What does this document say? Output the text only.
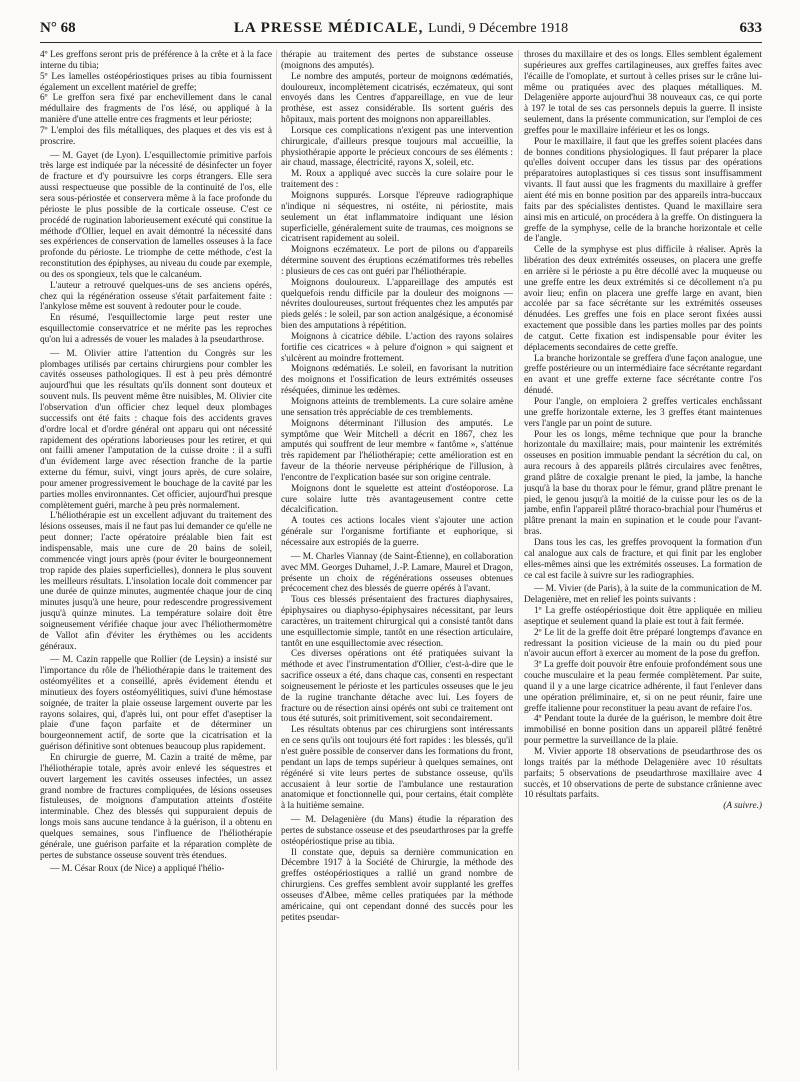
N° 68	LA PRESSE MÉDICALE, Lundi, 9 Décembre 1918	633

4º Les greffons seront pris de préférence à la crête et à la face interne du tibia;

5º Les lamelles ostéopériostiques prises au tibia fournissent également un excellent matériel de greffe;

6º Le greffon sera fixé par enchevillement dans le canal médullaire des fragments de l'os lésé, ou appliqué à la manière d'une attelle entre ces fragments et leur périoste;

7º L'emploi des fils métalliques, des plaques et des vis est à proscrire.

— M. Gayet (de Lyon). L'esquillectomie primitive parfois très large est indiquée par la nécessité de désinfecter un foyer de fracture et d'y poursuivre les corps étrangers. Elle sera aussi respectueuse que possible de la continuité de l'os, elle sera sous-périostée et conservera même à la face profonde du périoste le plus possible de la corticale osseuse. C'est ce procédé de rugination laborieusement exécuté qui constitue la méthode d'Ollier, lequel en avait démontré la nécessité dans ses expériences de conservation de lamelles osseuses à la face profonde du périoste. Le triomphe de cette méthode, c'est la reconstitution des épiphyses, au niveau du coude par exemple, ou des os spongieux, tels que le calcanéum.

L'auteur a retrouvé quelques-uns de ses anciens opérés, chez qui la régénération osseuse s'était parfaitement faite : l'ankylose même est souvent à redouter pour le coude.

En résumé, l'esquillectomie large peut rester une esquillectomie conservatrice et ne mérite pas les reproches qu'on lui a adressés de vouer les malades à la pseudarthrose.

— M. Olivier attire l'attention du Congrès sur les plombages utilisés par certains chirurgiens pour combler les cavités osseuses pathologiques. Il est à peu près démontré aujourd'hui que les résultats qu'ils donnent sont douteux et souvent nuls. Ils peuvent même être nuisibles, M. Olivier cite l'observation d'un officier chez lequel deux plombages successifs ont été faits : chaque fois des accidents graves d'ordre local et d'ordre général ont apparu qui ont nécessité rapidement des opérations laborieuses pour les retirer, et qui ont failli amener l'amputation de la cuisse droite : il a suffi d'un évidement large avec résection franche de la partie externe du fémur, suivi, vingt jours après, de cure solaire, pour amener progressivement le bouchage de la cavité par les parties molles environnantes. Cet officier, aujourd'hui presque complètement guéri, marche à peu près normalement.

L'héliothérapie est un excellent adjuvant du traitement des lésions osseuses, mais il ne faut pas lui demander ce qu'elle ne peut donner; l'acte opératoire préalable bien fait est indispensable, mais une cure de 20 bains de soleil, commencée vingt jours après (pour éviter le bourgeonnement trop rapide des plaies superficielles), donnera le plus souvent les meilleurs résultats. L'insolation locale doit commencer par une durée de quinze minutes, augmentée chaque jour de cinq minutes jusqu'à une heure, pour redescendre progressivement jusqu'à quinze minutes. La température solaire doit être soigneusement vérifiée chaque jour avec l'héliothermomètre de Vallot afin d'éviter les érythèmes ou les accidents généraux.

— M. Cazin rappelle que Rollier (de Leysin) a insisté sur l'importance du rôle de l'héliothérapie dans le traitement des ostéomyélites et a conseillé, après évidement étendu et minutieux des foyers ostéomyélitiques, suivi d'une hémostase soignée, de traiter la plaie osseuse largement ouverte par les rayons solaires, qui, d'après lui, ont pour effet d'aseptiser la plaie d'une façon parfaite et de déterminer un bourgeonnement actif, de sorte que la cicatrisation et la guérison définitive sont obtenues beaucoup plus rapidement.

En chirurgie de guerre, M. Cazin a traité de même, par l'héliothérapie totale, après avoir enlevé les séquestres et ouvert largement les cavités osseuses infectées, un assez grand nombre de fractures compliquées, de lésions osseuses fistuleuses, de moignons d'amputation atteints d'ostéite interminable. Chez des blessés qui suppuraient depuis de longs mois sans aucune tendance à la guérison, il a obtenu en quelques semaines, sous l'influence de l'héliothérapie générale, une guérison parfaite et la réparation complète de pertes de substance osseuse souvent très étendues.

— M. César Roux (de Nice) a appliqué l'hélio-

thérapie au traitement des pertes de substance osseuse (moignons des amputés).

Le nombre des amputés, porteur de moignons œdématiés, douloureux, incomplètement cicatrisés, eczémateux, qui sont envoyés dans les Centres d'appareillage, en vue de leur prothèse, est assez considérable. Ils sortent guéris des hôpitaux, mais portent des moignons non appareillables.

Lorsque ces complications n'exigent pas une intervention chirurgicale, d'ailleurs presque toujours mal accueillie, la physiothérapie apporte le précieux concours de ses éléments : air chaud, massage, électricité, rayons X, soleil, etc.

M. Roux a appliqué avec succès la cure solaire pour le traitement des :

Moignons suppurés. Lorsque l'épreuve radiographique n'indique ni séquestres, ni ostéite, ni périostite, mais seulement un état inflammatoire indiquant une lésion superficielle, généralement suite de traumas, ces moignons se cicatrisent rapidement au soleil.

Moignons eczémateux. Le port de pilons ou d'appareils détermine souvent des éruptions eczématiformes très rebelles : plusieurs de ces cas ont guéri par l'héliothérapie.

Moignons douloureux. L'appareillage des amputés est quelquefois rendu difficile par la douleur des moignons — névrites douloureuses, surtout fréquentes chez les amputés par pieds gelés : le soleil, par son action analgésique, a économisé bien des amputations à répétition.

Moignons à cicatrice débile. L'action des rayons solaires fortifie ces cicatrices « à pelure d'oignon » qui saignent et s'ulcèrent au moindre frottement.

Moignons œdématiés. Le soleil, en favorisant la nutrition des moignons et l'ossification de leurs extrémités osseuses réséquées, diminue les œdèmes.

Moignons atteints de tremblements. La cure solaire amène une sensation très appréciable de ces tremblements.

Moignons déterminant l'illusion des amputés. Le symptôme que Weir Mitchell a décrit en 1867, chez les amputés qui souffrent de leur membre « fantôme », s'atténue très rapidement par l'héliothérapie; cette amélioration est en faveur de la théorie nerveuse périphérique de l'illusion, à l'encontre de l'explication basée sur son origine centrale.

Moignons dont le squelette est atteint d'ostéoporose. La cure solaire lutte très avantageusement contre cette décalcification.

A toutes ces actions locales vient s'ajouter une action générale sur l'organisme fortifiante et euphorique, si nécessaire aux estropiés de la guerre.

— M. Charles Viannay (de Saint-Étienne), en collaboration avec MM. Georges Duhamel, J.-P. Lamare, Maurel et Dragon, présente un choix de régénérations osseuses obtenues précocement chez des blessés de guerre opérés à l'avant.

Tous ces blessés présentaient des fractures diaphysaires, épiphysaires ou diaphyso-épiphysaires nécessitant, par leurs caractères, un traitement chirurgical qui a consisté tantôt dans une esquillectomie simple, tantôt en une résection articulaire, tantôt en une esquillectomie avec résection.

Ces diverses opérations ont été pratiquées suivant la méthode et avec l'instrumentation d'Ollier, c'est-à-dire que le sacrifice osseux a été, dans chaque cas, consenti en respectant soigneusement le périoste et les particules osseuses que le jeu de la rugine tranchante détache avec lui. Les foyers de fracture ou de résection ainsi opérés ont subi ce traitement ont tous été suturés, soit primitivement, soit secondairement.

Les résultats obtenus par ces chirurgiens sont intéressants en ce sens qu'ils ont toujours été fort rapides : les blessés, qu'il n'est guère possible de conserver dans les formations du front, pendant un laps de temps supérieur à quelques semaines, ont régénéré si vite leurs pertes de substance osseuse, qu'ils accusaient à leur sortie de l'ambulance une restauration anatomique et fonctionnelle qui, pour certains, était complète à la huitième semaine.

— M. Delagenière (du Mans) étudie la réparation des pertes de substance osseuse et des pseudarthroses par la greffe ostéopériostique prise au tibia.

Il constate que, depuis sa dernière communication en Décembre 1917 à la Société de Chirurgie, la méthode des greffes ostéopériostiques a rallié un grand nombre de chirurgiens. Ces greffes semblent avoir supplanté les greffes osseuses d'Albee, même celles pratiquées par la méthode américaine, qui ont cependant donné des succès pour les petites pseudar-

throses du maxillaire et des os longs. Elles semblent également supérieures aux greffes cartilagineuses, aux greffes faites avec l'écaille de l'omoplate, et surtout à celles prises sur le crâne lui-même ou pratiquées avec des plaques métalliques. M. Delagenière apporte aujourd'hui 38 nouveaux cas, ce qui porte à 197 le total de ses cas personnels depuis la guerre. Il insiste seulement, dans la présente communication, sur l'emploi de ces greffes pour le maxillaire inférieur et les os longs.

Pour le maxillaire, il faut que les greffes soient placées dans de bonnes conditions physiologiques. Il faut préparer la place qu'elles doivent occuper dans les tissus par des opérations préparatoires autoplastiques si ces tissus sont insuffisamment vivants. Il faut aussi que les fragments du maxillaire à greffer aient été mis en bonne position par des appareils intra-buccaux faits par des spécialistes dentistes. Quand le maxillaire sera ainsi mis en articulé, on procédera à la greffe. On distinguera la greffe de la symphyse, celle de la branche horizontale et celle de l'angle.

Celle de la symphyse est plus difficile à réaliser. Après la libération des deux extrémités osseuses, on placera une greffe en arrière si le périoste a pu être décollé avec la muqueuse ou une greffe entre les deux extrémités si ce décollement n'a pu avoir lieu; enfin on placera une greffe large en avant, bien accolée par sa face sécrétante sur les extrémités osseuses dénudées. Les greffes une fois en place seront fixées aussi exactement que possible dans les parties molles par des points de catgut. Cette fixation est indispensable pour éviter les déplacements secondaires de cette greffe.

La branche horizontale se greffera d'une façon analogue, une greffe postérieure ou un intermédiaire face sécrétante regardant en avant et une greffe externe face sécrétante contre l'os dénudé.

Pour l'angle, on emploiera 2 greffes verticales enchâssant une greffe horizontale externe, les 3 greffes étant maintenues vers l'angle par un point de suture.

Pour les os longs, même technique que pour la branche horizontale du maxillaire; mais, pour maintenir les extrémités osseuses en position immuable pendant la sécrétion du cal, on aura recours à des appareils plâtrés circulaires avec fenêtres, grand plâtre de coxalgie prenant le pied, la jambe, la hanche jusqu'à la base du thorax pour le fémur, grand plâtre prenant le pied, le genou jusqu'à la moitié de la cuisse pour les os de la jambe, enfin l'appareil plâtré thoraco-brachial pour l'humérus et plâtre prenant la main en supination et le coude pour l'avant-bras.

Dans tous les cas, les greffes provoquent la formation d'un cal analogue aux cals de fracture, et qui finit par les englober elles-mêmes ainsi que les extrémités osseuses. La formation de ce cal est facile à suivre sur les radiographies.

— M. Vivier (de Paris), à la suite de la communication de M. Delagenière, met en relief les points suivants :

1º La greffe ostéopériostique doit être appliquée en milieu aseptique et seulement quand la plaie est tout à fait fermée.

2º Le lit de la greffe doit être préparé longtemps d'avance en redressant la position vicieuse de la main ou du pied pour n'avoir aucun effort à exercer au moment de la pose du greffon.

3º La greffe doit pouvoir être enfouie profondément sous une couche musculaire et la peau fermée complètement. Par suite, quand il y a une large cicatrice adhérente, il faut l'enlever dans une opération préliminaire, et, si on ne peut réunir, faire une greffe italienne pour reconstituer la peau avant de refaire l'os.

4º Pendant toute la durée de la guérison, le membre doit être immobilisé en bonne position dans un appareil plâtré fenêtré pour permettre la surveillance de la plaie.

M. Vivier apporte 18 observations de pseudarthrose des os longs traités par la méthode Delagenière avec 10 résultats parfaits; 5 observations de pseudarthrose maxillaire avec 4 succès, et 10 observations de perte de substance crânienne avec 10 résultats parfaits.

(A suivre.)
